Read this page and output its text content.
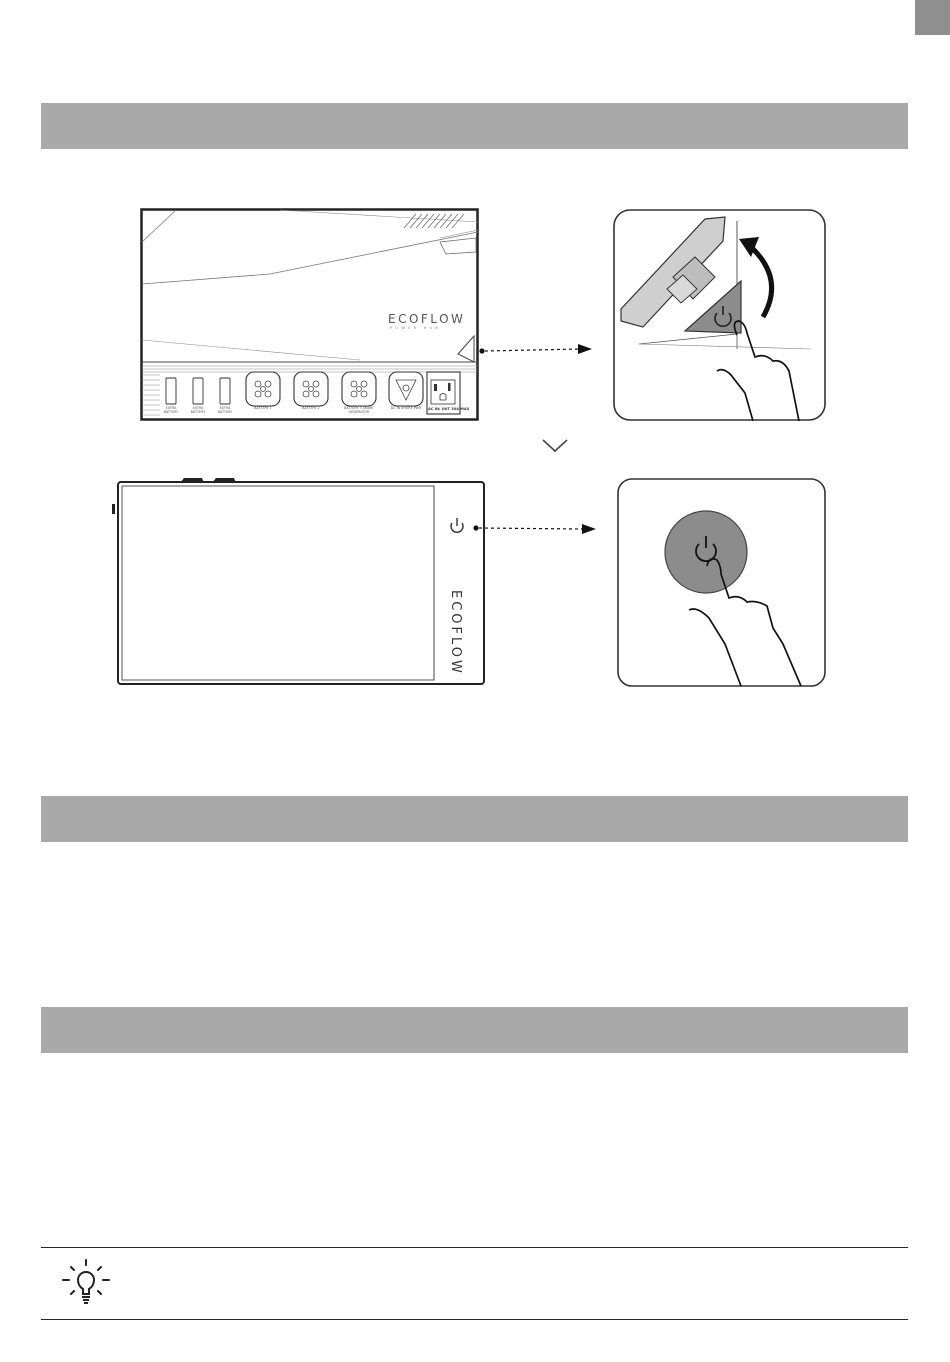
ECOFLOW
POWER HUB
EXTRA BATTERY
EXTRA BATTERY
EXTRA BATTERY
BATTERY 1	BATTERY 2	BATTERY 3 SMART GENERATOR
DC IN SHORE PWR	AC IN/ OUT 30A MAX
ECOFLOW
